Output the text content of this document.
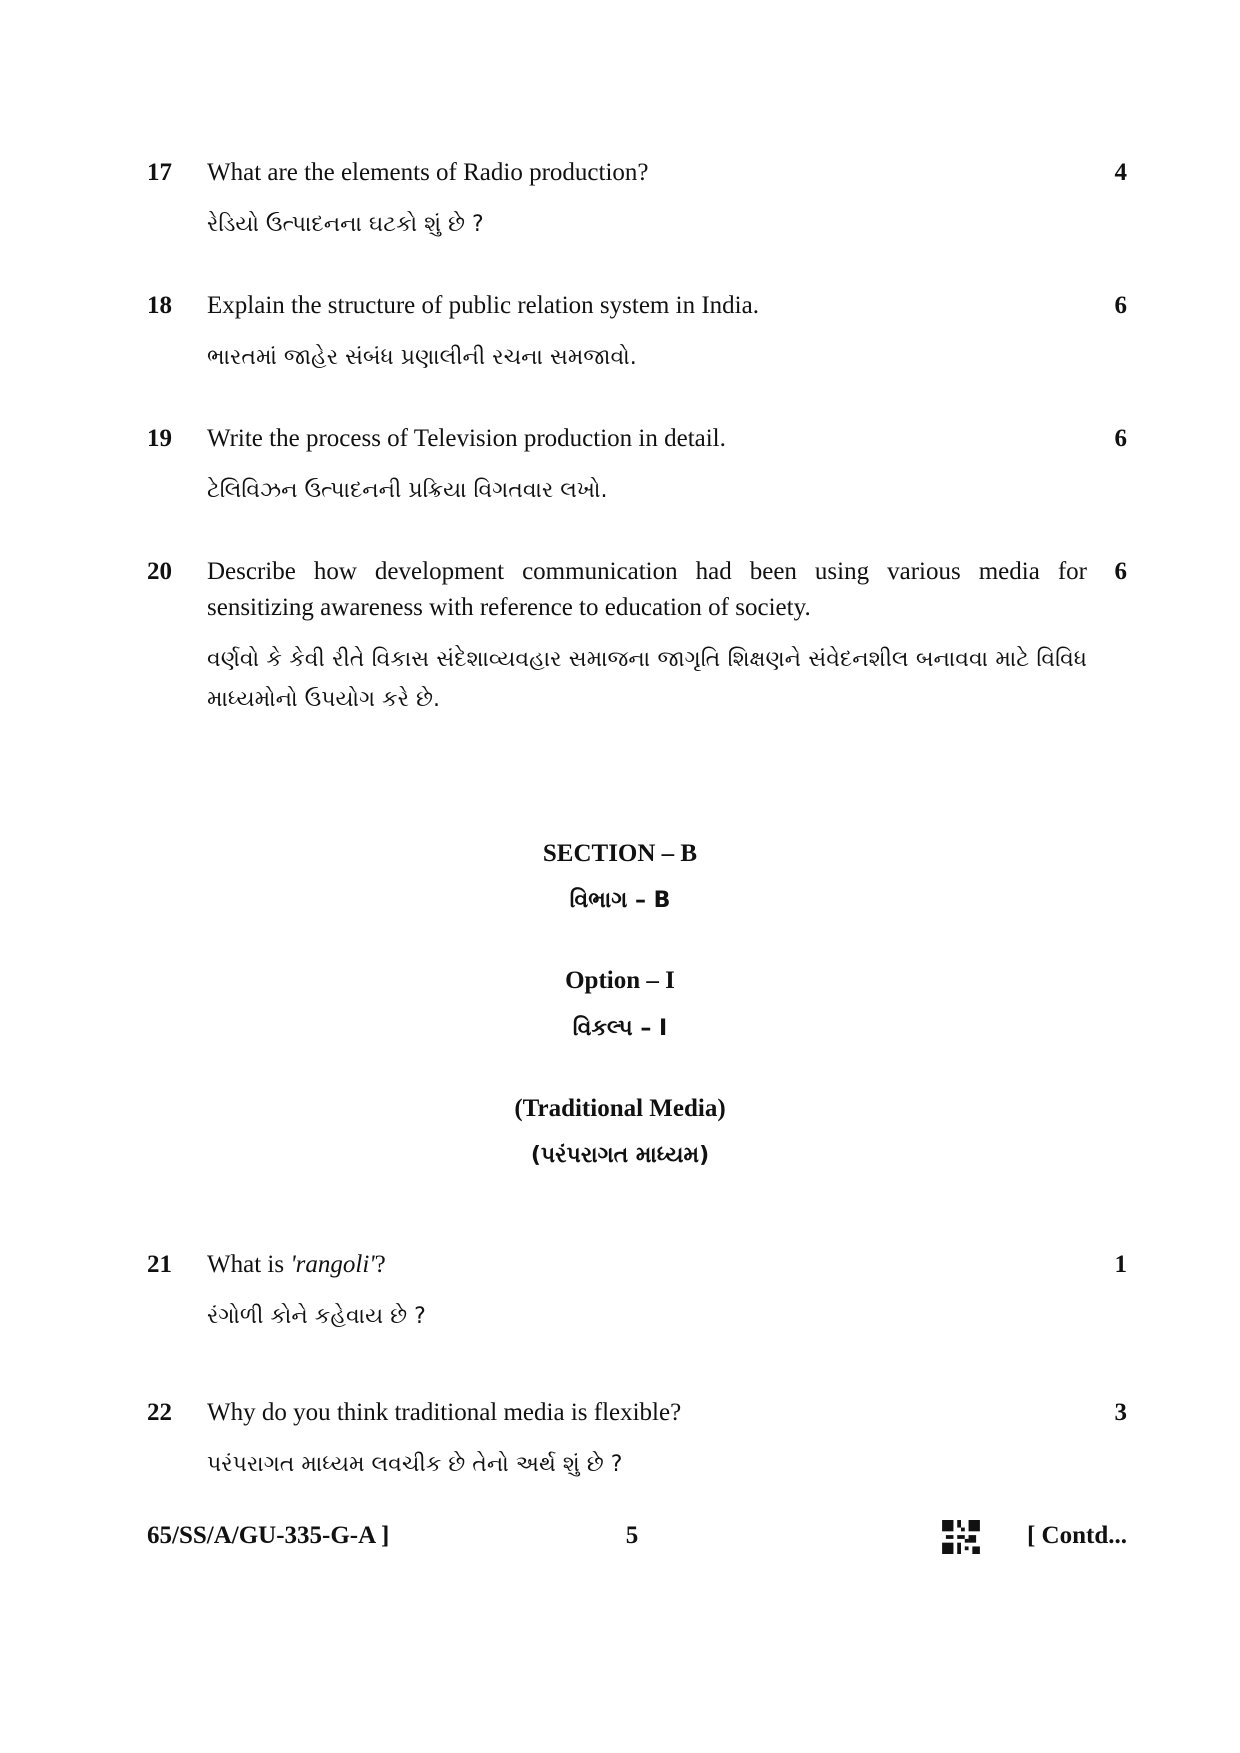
17	What are the elements of Radio production?
રેડિયો ઉત્પાદનના ઘટકો શું છે ?
4
18	Explain the structure of public relation system in India.
ભારતમાં જાહેર સંબંધ પ્રણાલીની રચના સમજાવો.
6
19	Write the process of Television production in detail.
ટેલિવિઝન ઉત્પાદનની પ્રક્રિયા વિગતવાર લખો.
6
20	Describe how development communication had been using various media for sensitizing awareness with reference to education of society.
વર્ણવો કે કેવી રીતે વિકાસ સંદેશાવ્યવહાર સમાજના જાગૃતિ શિક્ષણને સંવેદનશીલ બનાવવા માટે વિવિધ માધ્યમોનો ઉપયોગ કરે છે.
6
SECTION – B
વિભાગ – B
Option – I
વિકલ્પ – I
(Traditional Media)
(પરંપરાગત માધ્યમ)
21	What is 'rangoli'?
રંગોળી કોને કહેવાય છે ?
1
22	Why do you think traditional media is flexible?
પરંપરાગત માધ્યમ લવચીક છે તેનો અર્થ શું છે ?
3
65/SS/A/GU-335-G-A ]	5	[ Contd...
